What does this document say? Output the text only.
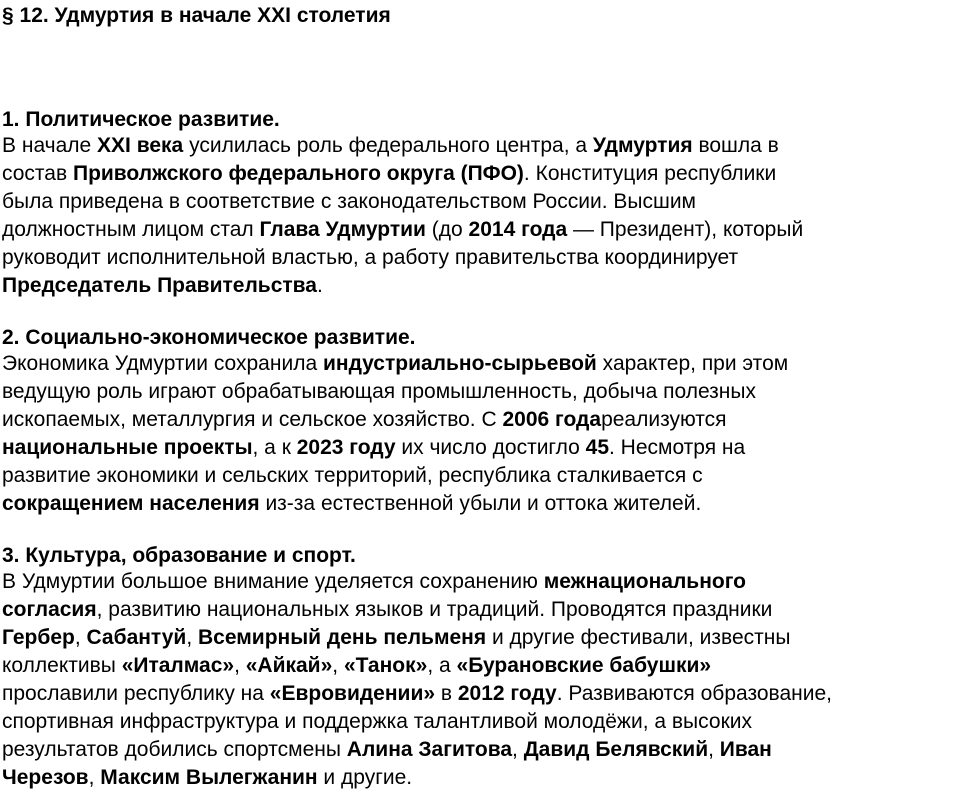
§ 12. Удмуртия в начале XXI столетия
1. Политическое развитие.
В начале XXI века усилилась роль федерального центра, а Удмуртия вошла в
состав Приволжского федерального округа (ПФО). Конституция республики
была приведена в соответствие с законодательством России. Высшим
должностным лицом стал Глава Удмуртии (до 2014 года — Президент), который
руководит исполнительной властью, а работу правительства координирует
Председатель Правительства.
2. Социально-экономическое развитие.
Экономика Удмуртии сохранила индустриально-сырьевой характер, при этом
ведущую роль играют обрабатывающая промышленность, добыча полезных
ископаемых, металлургия и сельское хозяйство. С 2006 годареализуются
национальные проекты, а к 2023 году их число достигло 45. Несмотря на
развитие экономики и сельских территорий, республика сталкивается с
сокращением населения из-за естественной убыли и оттока жителей.
3. Культура, образование и спорт.
В Удмуртии большое внимание уделяется сохранению межнационального
согласия, развитию национальных языков и традиций. Проводятся праздники
Гербер, Сабантуй, Всемирный день пельменя и другие фестивали, известны
коллективы «Италмас», «Айкай», «Танок», а «Бурановские бабушки»
прославили республику на «Евровидении» в 2012 году. Развиваются образование,
спортивная инфраструктура и поддержка талантливой молодёжи, а высоких
результатов добились спортсмены Алина Загитова, Давид Белявский, Иван
Черезов, Максим Вылегжанин и другие.
